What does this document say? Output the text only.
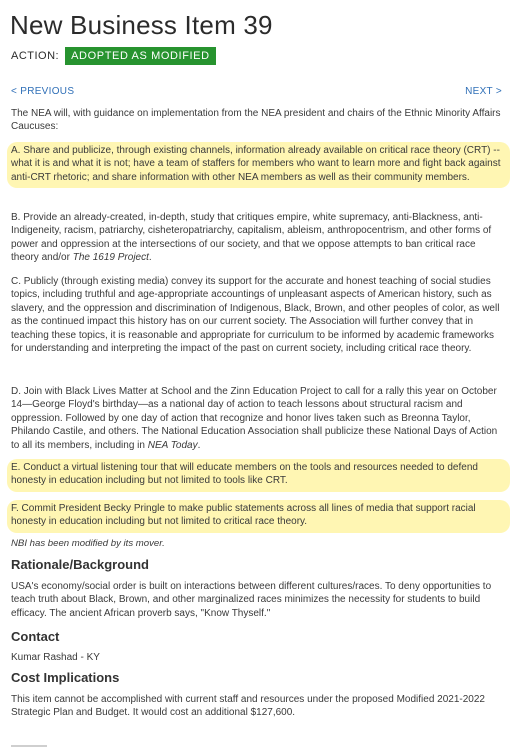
New Business Item 39
ACTION:	ADOPTED AS MODIFIED
< PREVIOUS	NEXT >

The NEA will, with guidance on implementation from the NEA president and chairs of the Ethnic Minority Affairs Caucuses:

A. Share and publicize, through existing channels, information already available on critical race theory (CRT) -- what it is and what it is not; have a team of staffers for members who want to learn more and fight back against anti-CRT rhetoric; and share information with other NEA members as well as their community members.

B. Provide an already-created, in-depth, study that critiques empire, white supremacy, anti-Blackness, anti-Indigeneity, racism, patriarchy, cisheteropatriarchy, capitalism, ableism, anthropocentrism, and other forms of power and oppression at the intersections of our society, and that we oppose attempts to ban critical race theory and/or The 1619 Project.

C. Publicly (through existing media) convey its support for the accurate and honest teaching of social studies topics, including truthful and age-appropriate accountings of unpleasant aspects of American history, such as slavery, and the oppression and discrimination of Indigenous, Black, Brown, and other peoples of color, as well as the continued impact this history has on our current society. The Association will further convey that in teaching these topics, it is reasonable and appropriate for curriculum to be informed by academic frameworks for understanding and interpreting the impact of the past on current society, including critical race theory.

D. Join with Black Lives Matter at School and the Zinn Education Project to call for a rally this year on October 14—George Floyd's birthday—as a national day of action to teach lessons about structural racism and oppression. Followed by one day of action that recognize and honor lives taken such as Breonna Taylor, Philando Castile, and others. The National Education Association shall publicize these National Days of Action to all its members, including in NEA Today.

E. Conduct a virtual listening tour that will educate members on the tools and resources needed to defend honesty in education including but not limited to tools like CRT.

F. Commit President Becky Pringle to make public statements across all lines of media that support racial honesty in education including but not limited to critical race theory.

NBI has been modified by its mover.

Rationale/Background

USA's economy/social order is built on interactions between different cultures/races. To deny opportunities to teach truth about Black, Brown, and other marginalized races minimizes the necessity for students to build efficacy. The ancient African proverb says, "Know Thyself."

Contact

Kumar Rashad - KY

Cost Implications

This item cannot be accomplished with current staff and resources under the proposed Modified 2021-2022 Strategic Plan and Budget. It would cost an additional $127,600.
